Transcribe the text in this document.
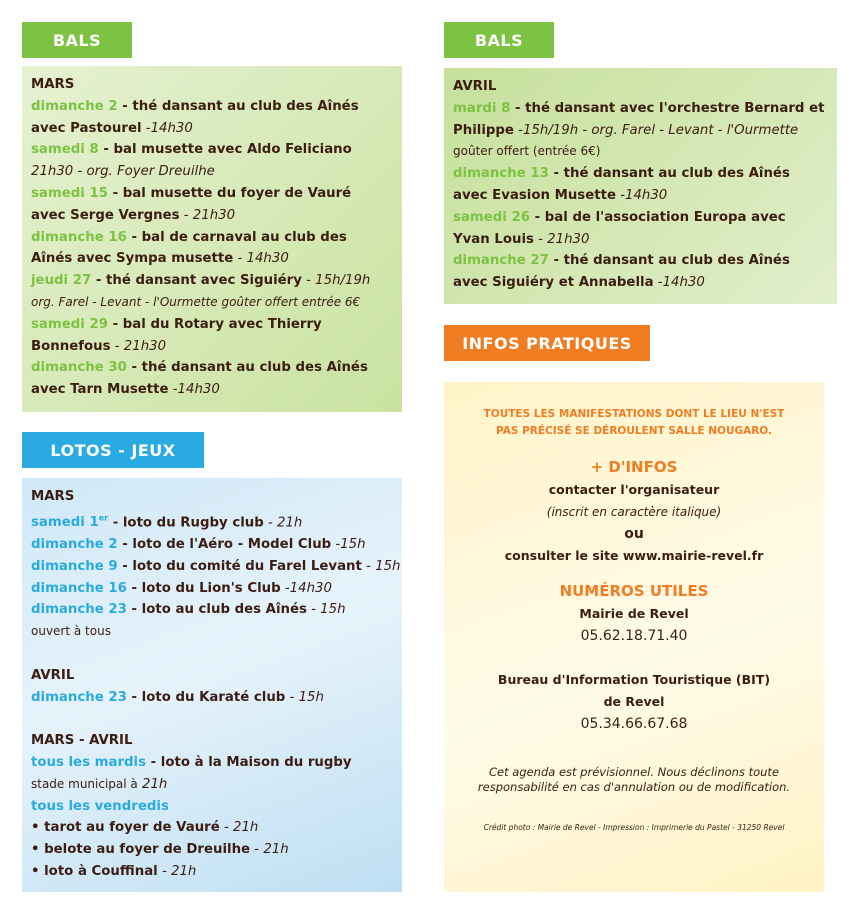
BALS
MARS
dimanche 2 - thé dansant au club des Aînés
avec Pastourel -14h30
samedi 8 - bal musette avec Aldo Feliciano
21h30 - org. Foyer Dreuilhe
samedi 15 - bal musette du foyer de Vauré
avec Serge Vergnes - 21h30
dimanche 16 - bal de carnaval au club des
Aînés avec Sympa musette - 14h30
jeudi 27 - thé dansant avec Siguiéry - 15h/19h
org. Farel - Levant - l'Ourmette goûter offert entrée 6€
samedi 29 - bal du Rotary avec Thierry
Bonnefous - 21h30
dimanche 30 - thé dansant au club des Aînés
avec Tarn Musette -14h30
BALS
AVRIL
mardi 8 - thé dansant avec l'orchestre Bernard et
Philippe -15h/19h - org. Farel - Levant - l'Ourmette
goûter offert (entrée 6€)
dimanche 13 - thé dansant au club des Aînés
avec Evasion Musette -14h30
samedi 26 - bal de l'association Europa avec
Yvan Louis - 21h30
dimanche 27 - thé dansant au club des Aînés
avec Siguiéry et Annabella -14h30
LOTOS - JEUX
MARS
samedi 1er - loto du Rugby club - 21h
dimanche 2 - loto de l'Aéro - Model Club -15h
dimanche 9 - loto du comité du Farel Levant - 15h
dimanche 16 - loto du Lion's Club -14h30
dimanche 23 - loto au club des Aînés - 15h
ouvert à tous
AVRIL
dimanche 23 - loto du Karaté club - 15h
MARS - AVRIL
tous les mardis - loto à la Maison du rugby
stade municipal à 21h
tous les vendredis
• tarot au foyer de Vauré - 21h
• belote au foyer de Dreuilhe - 21h
• loto à Couffinal - 21h
INFOS PRATIQUES
TOUTES LES MANIFESTATIONS DONT LE LIEU N'EST
PAS PRÉCISÉ SE DÉROULENT SALLE NOUGARO.
+ D'INFOS
contacter l'organisateur
(inscrit en caractère italique)
ou
consulter le site www.mairie-revel.fr
NUMÉROS UTILES
Mairie de Revel
05.62.18.71.40
Bureau d'Information Touristique (BIT)
de Revel
05.34.66.67.68
Cet agenda est prévisionnel. Nous déclinons toute
responsabilité en cas d'annulation ou de modification.
Crédit photo : Mairie de Revel - Impression : Imprimerie du Pastel - 31250 Revel
